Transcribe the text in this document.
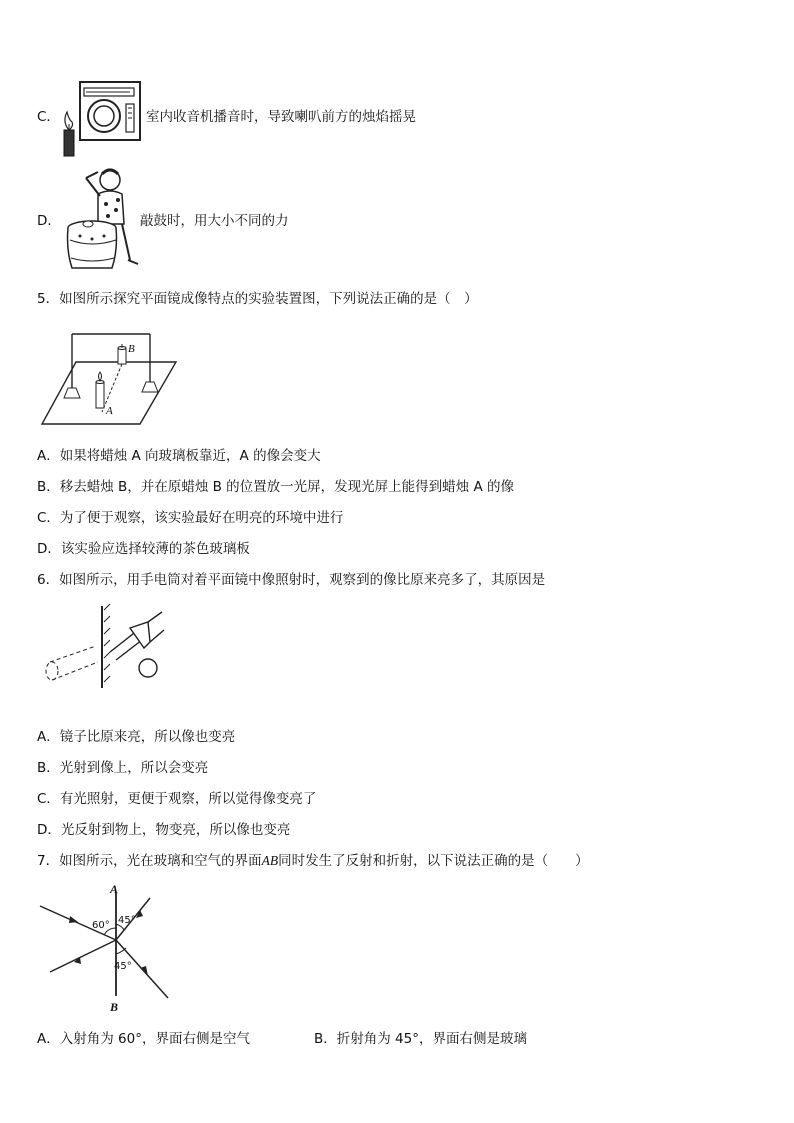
C．	室内收音机播音时，导致喇叭前方的烛焰摇晃
D．	敲鼓时，用大小不同的力
5．如图所示探究平面镜成像特点的实验装置图，下列说法正确的是（　）
B
A
A．如果将蜡烛 A 向玻璃板靠近，A 的像会变大
B．移去蜡烛 B，并在原蜡烛 B 的位置放一光屏，发现光屏上能得到蜡烛 A 的像
C．为了便于观察，该实验最好在明亮的环境中进行
D．该实验应选择较薄的茶色玻璃板
6．如图所示，用手电筒对着平面镜中像照射时，观察到的像比原来亮多了，其原因是
A．镜子比原来亮，所以像也变亮
B．光射到像上，所以会变亮
C．有光照射，更便于观察，所以觉得像变亮了
D．光反射到物上，物变亮，所以像也变亮
7．如图所示，光在玻璃和空气的界面AB同时发生了反射和折射，以下说法正确的是（　　）
A
B
60° 45°
45°
A．入射角为 60°，界面右侧是空气	B．折射角为 45°，界面右侧是玻璃
